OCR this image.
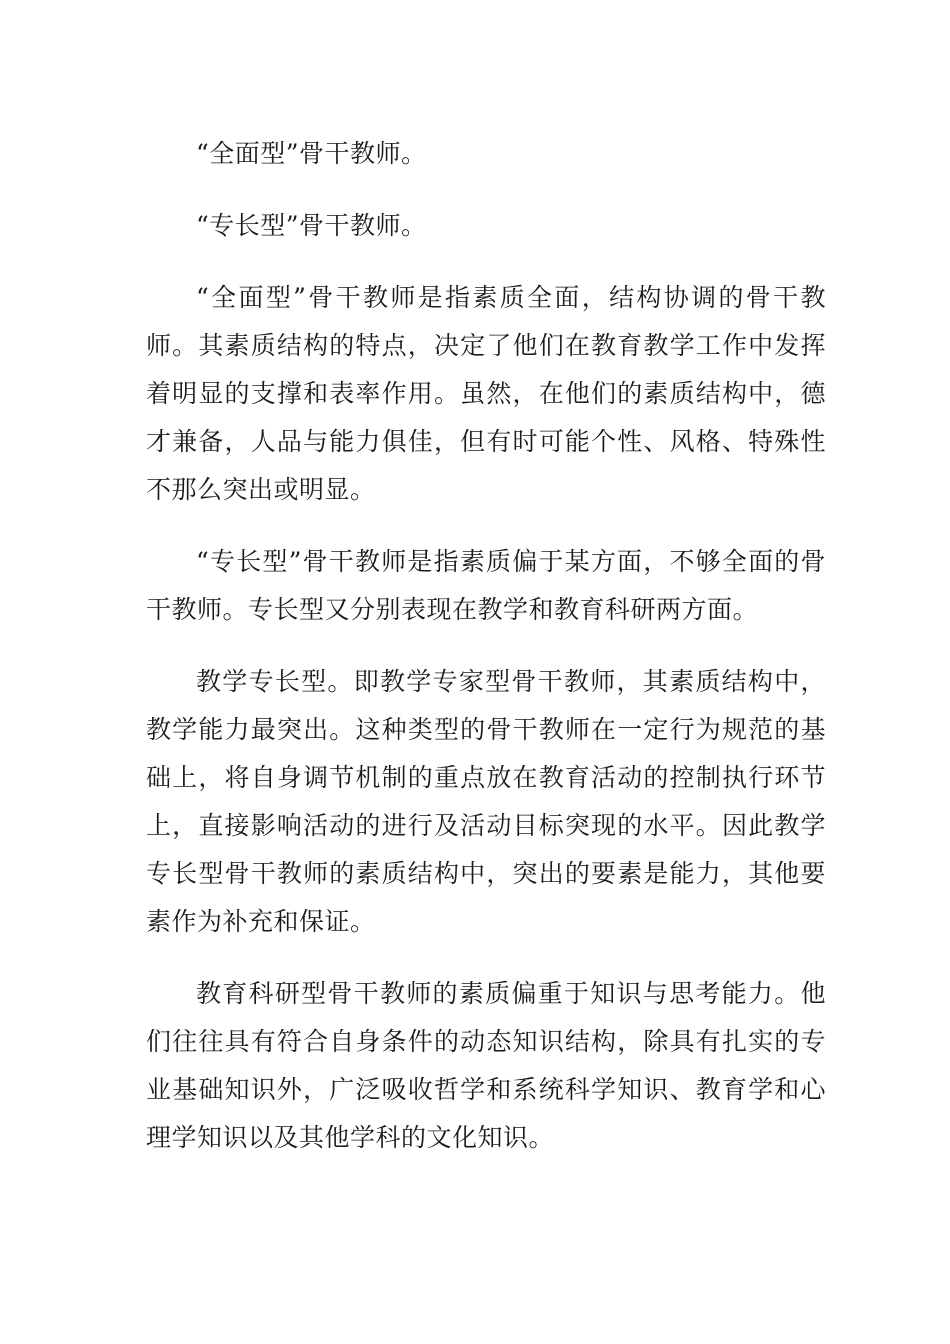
“全面型”骨干教师。

“专长型”骨干教师。

“全面型”骨干教师是指素质全面，结构协调的骨干教师。其素质结构的特点，决定了他们在教育教学工作中发挥着明显的支撑和表率作用。虽然，在他们的素质结构中，德才兼备，人品与能力俱佳，但有时可能个性、风格、特殊性不那么突出或明显。

“专长型”骨干教师是指素质偏于某方面，不够全面的骨干教师。专长型又分别表现在教学和教育科研两方面。

教学专长型。即教学专家型骨干教师，其素质结构中，教学能力最突出。这种类型的骨干教师在一定行为规范的基础上，将自身调节机制的重点放在教育活动的控制执行环节上，直接影响活动的进行及活动目标突现的水平。因此教学专长型骨干教师的素质结构中，突出的要素是能力，其他要素作为补充和保证。

教育科研型骨干教师的素质偏重于知识与思考能力。他们往往具有符合自身条件的动态知识结构，除具有扎实的专业基础知识外，广泛吸收哲学和系统科学知识、教育学和心理学知识以及其他学科的文化知识。
